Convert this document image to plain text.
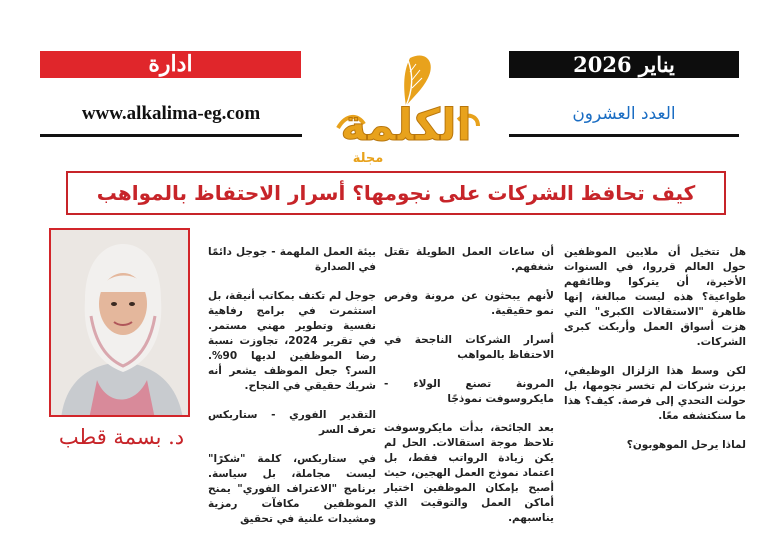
ادارة	يناير 2026
www.alkalima-eg.com	العدد العشرون
الكلمة
مجلة
كيف تحافظ الشركات على نجومها؟ أسرار الاحتفاظ بالمواهب

هل تتخيل أن ملايين الموظفين حول العالم قرروا، في السنوات الأخيرة، أن يتركوا وظائفهم طواعية؟ هذه ليست مبالغة، إنها ظاهرة "الاستقالات الكبرى" التي هزت أسواق العمل وأربكت كبرى الشركات.

لكن وسط هذا الزلزال الوظيفي، برزت شركات لم تخسر نجومها، بل حولت التحدي إلى فرصة. كيف؟ هذا ما سنكتشفه معًا.

لماذا يرحل الموهوبون؟

أن ساعات العمل الطويلة تقتل شغفهم.

لأنهم يبحثون عن مرونة وفرص نمو حقيقية.

أسرار الشركات الناجحة في الاحتفاظ بالمواهب

المرونة تصنع الولاء - مايكروسوفت نموذجًا

بعد الجائحة، بدأت مايكروسوفت تلاحظ موجة استقالات. الحل لم يكن زيادة الرواتب فقط، بل اعتماد نموذج العمل الهجين، حيث أصبح بإمكان الموظفين اختيار أماكن العمل والتوقيت الذي يناسبهم.

بيئة العمل الملهمة - جوجل دائمًا في الصدارة

جوجل لم تكتف بمكاتب أنيقة، بل استثمرت في برامج رفاهية نفسية وتطوير مهني مستمر. في تقرير 2024، تجاوزت نسبة رضا الموظفين لديها 90%. السر؟ جعل الموظف يشعر أنه شريك حقيقي في النجاح.

التقدير الفوري - ستاربكس تعرف السر

في ستاربكس، كلمة "شكرًا" ليست مجاملة، بل سياسة. برنامج "الاعتراف الفوري" يمنح الموظفين مكافآت رمزية ومشيدات علنية في تحقيق

د. بسمة قطب
